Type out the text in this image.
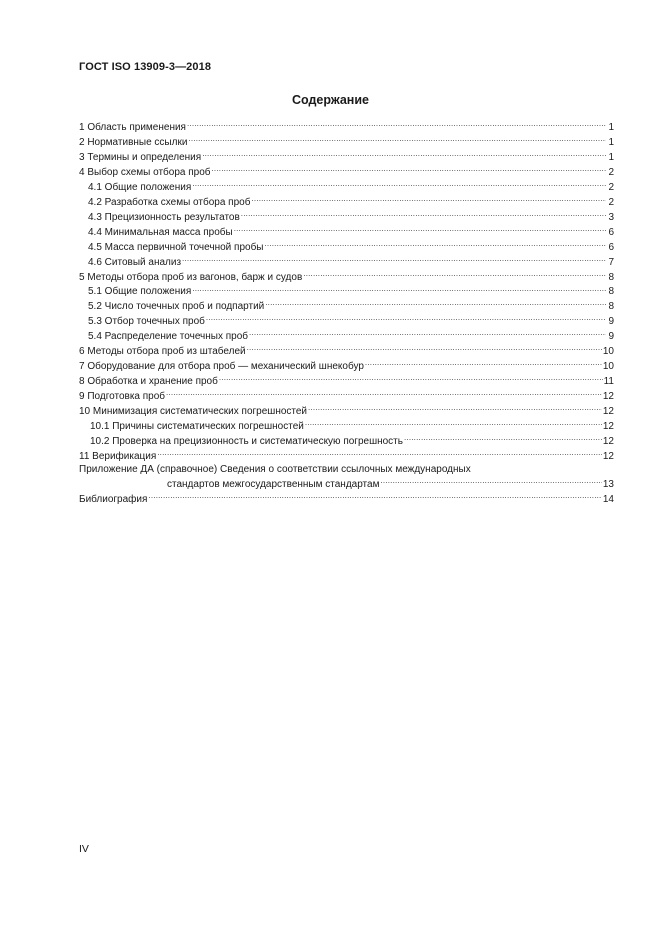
ГОСТ ISO 13909-3—2018
Содержание
1 Область применения .....	1
2 Нормативные ссылки .....	1
3 Термины и определения .....	1
4 Выбор схемы отбора проб .....	2
4.1 Общие положения .....	2
4.2 Разработка схемы отбора проб .....	2
4.3 Прецизионность результатов .....	3
4.4 Минимальная масса пробы .....	6
4.5 Масса первичной точечной пробы .....	6
4.6 Ситовый анализ .....	7
5 Методы отбора проб из вагонов, барж и судов .....	8
5.1 Общие положения .....	8
5.2 Число точечных проб и подпартий .....	8
5.3 Отбор точечных проб .....	9
5.4 Распределение точечных проб .....	9
6 Методы отбора проб из штабелей .....	10
7 Оборудование для отбора проб — механический шнекобур .....	10
8 Обработка и хранение проб .....	11
9 Подготовка проб .....	12
10 Минимизация систематических погрешностей .....	12
10.1 Причины систематических погрешностей .....	12
10.2 Проверка на прецизионность и систематическую погрешность .....	12
11 Верификация .....	12
Приложение ДА (справочное) Сведения о соответствии ссылочных международных
стандартов межгосударственным стандартам .....	13
Библиография .....	14
IV
